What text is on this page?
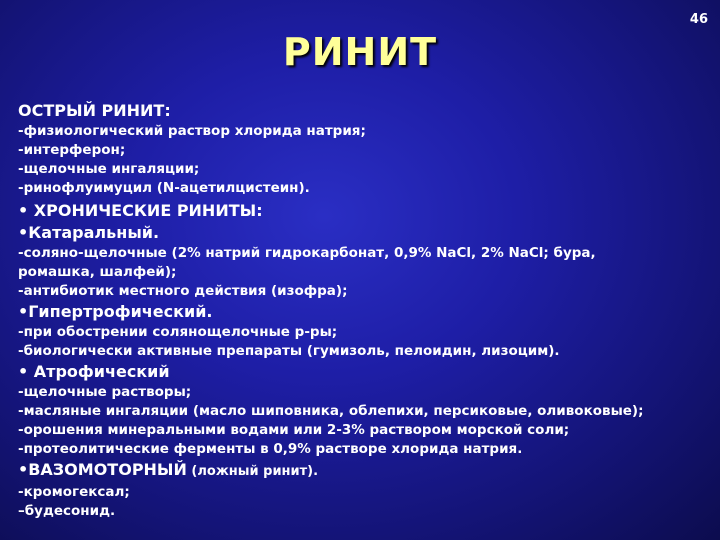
46
РИНИТ
ОСТРЫЙ РИНИТ:
-физиологический раствор хлорида натрия;
-интерферон;
-щелочные ингаляции;
-ринофлуимуцил (N-ацетилцистеин).
• ХРОНИЧЕСКИЕ РИНИТЫ:
•Катаральный.
-соляно-щелочные (2% натрий гидрокарбонат, 0,9% NaCl, 2% NaCl; бура,
ромашка, шалфей);
-антибиотик местного действия (изофра);
•Гипертрофический.
-при обострении солянощелочные р-ры;
-биологически активные препараты (гумизоль, пелоидин, лизоцим).
• Атрофический
-щелочные растворы;
-масляные ингаляции (масло шиповника, облепихи, персиковые, оливоковые);
-орошения минеральными водами или 2-3% раствором морской соли;
-протеолитические ферменты в 0,9% растворе хлорида натрия.
•ВАЗОМОТОРНЫЙ (ложный ринит).
-кромогексал;
–будесонид.
